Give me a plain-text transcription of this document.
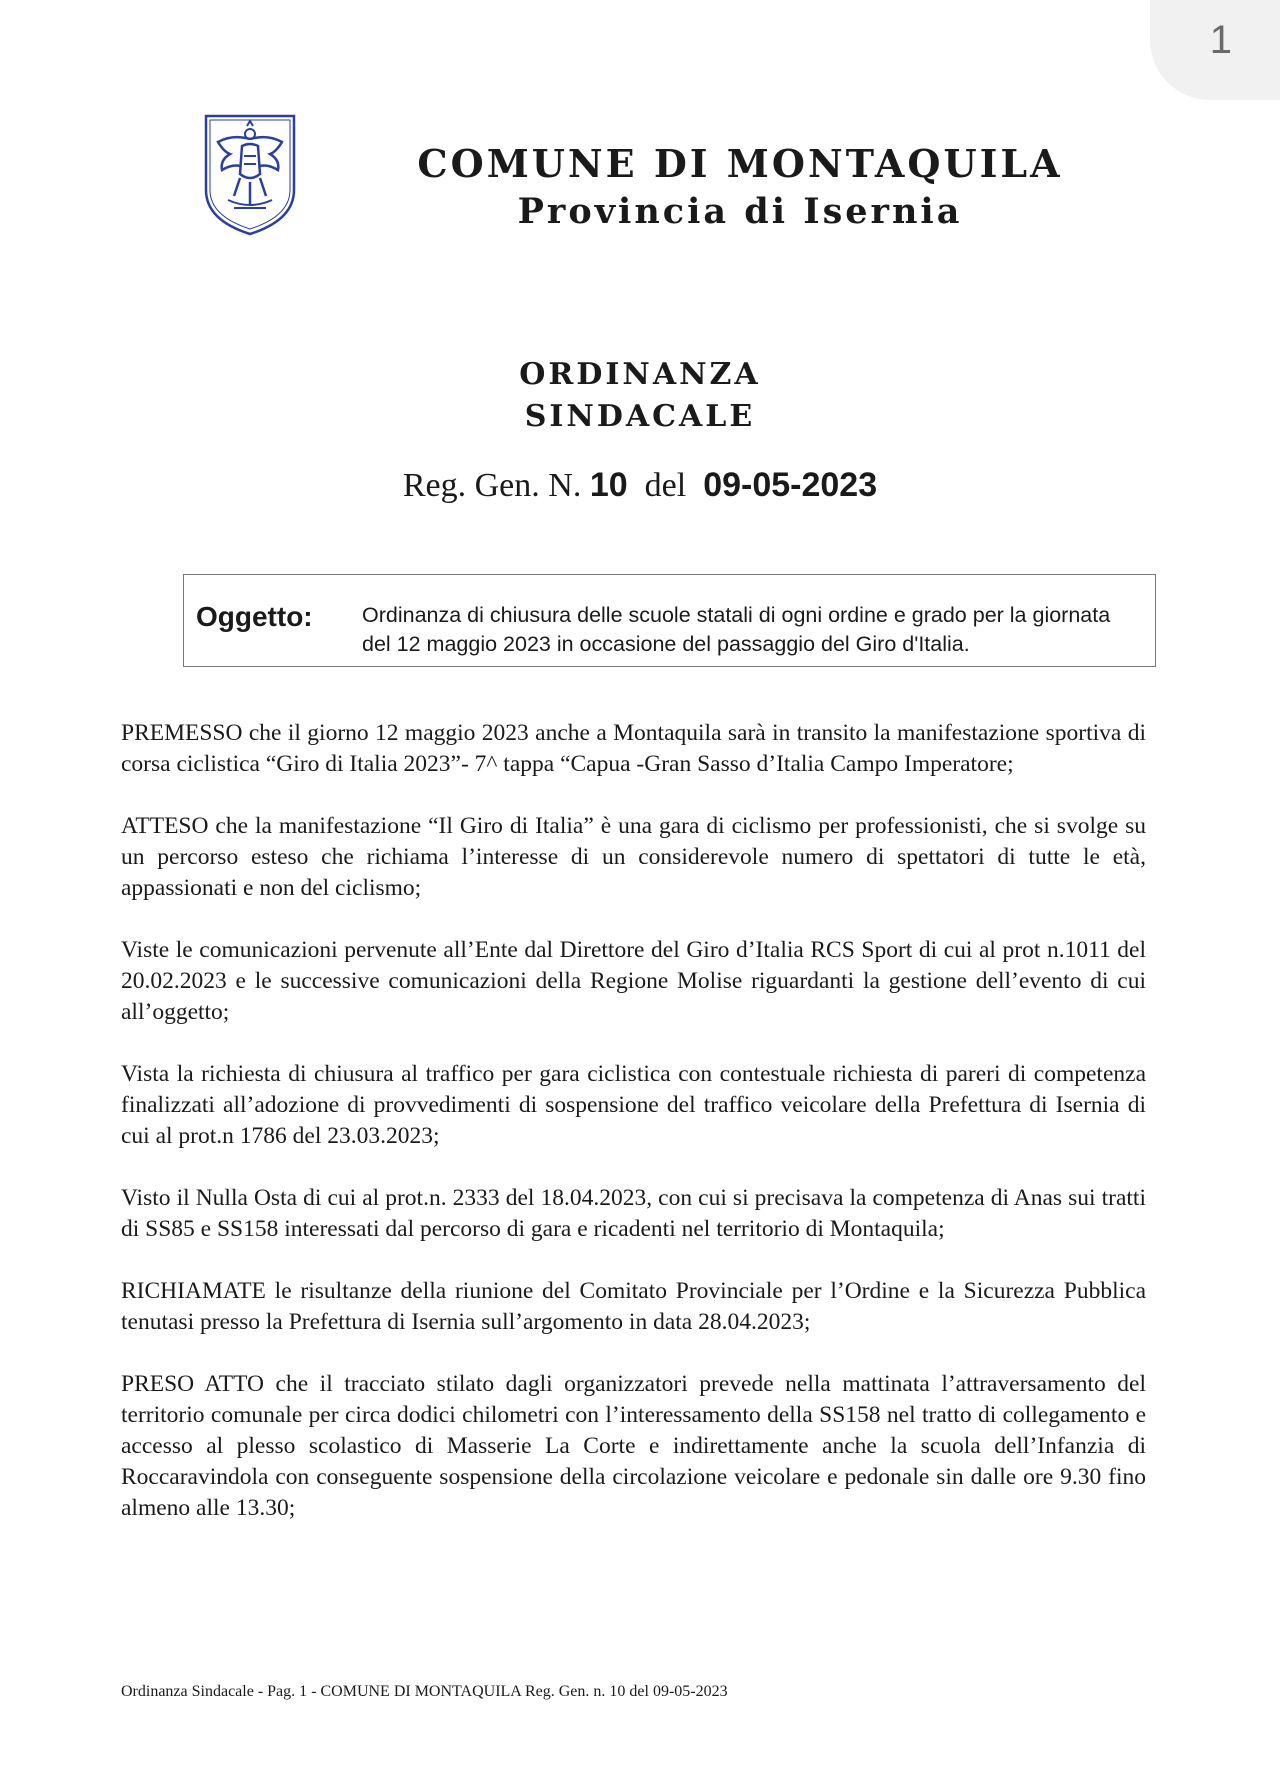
1
COMUNE DI MONTAQUILA
Provincia di Isernia
ORDINANZA
SINDACALE
Reg. Gen. N. 10 del 09-05-2023
Oggetto: Ordinanza di chiusura delle scuole statali di ogni ordine e grado per la giornata del 12 maggio 2023 in occasione del passaggio del Giro d'Italia.

PREMESSO che il giorno 12 maggio 2023 anche a Montaquila sarà in transito la manifestazione sportiva di corsa ciclistica “Giro di Italia 2023”- 7^ tappa “Capua -Gran Sasso d’Italia Campo Imperatore;

ATTESO che la manifestazione “Il Giro di Italia” è una gara di ciclismo per professionisti, che si svolge su un percorso esteso che richiama l’interesse di un considerevole numero di spettatori di tutte le età, appassionati e non del ciclismo;

Viste le comunicazioni pervenute all’Ente dal Direttore del Giro d’Italia RCS Sport di cui al prot n.1011 del 20.02.2023 e le successive comunicazioni della Regione Molise riguardanti la gestione dell’evento di cui all’oggetto;

Vista la richiesta di chiusura al traffico per gara ciclistica con contestuale richiesta di pareri di competenza finalizzati all’adozione di provvedimenti di sospensione del traffico veicolare della Prefettura di Isernia di cui al prot.n 1786 del 23.03.2023;

Visto il Nulla Osta di cui al prot.n. 2333 del 18.04.2023, con cui si precisava la competenza di Anas sui tratti di SS85 e SS158 interessati dal percorso di gara e ricadenti nel territorio di Montaquila;

RICHIAMATE le risultanze della riunione del Comitato Provinciale per l’Ordine e la Sicurezza Pubblica tenutasi presso la Prefettura di Isernia sull’argomento in data 28.04.2023;

PRESO ATTO che il tracciato stilato dagli organizzatori prevede nella mattinata l’attraversamento del territorio comunale per circa dodici chilometri con l’interessamento della SS158 nel tratto di collegamento e accesso al plesso scolastico di Masserie La Corte e indirettamente anche la scuola dell’Infanzia di Roccaravindola con conseguente sospensione della circolazione veicolare e pedonale sin dalle ore 9.30 fino almeno alle 13.30;

Ordinanza Sindacale - Pag. 1 - COMUNE DI MONTAQUILA Reg. Gen. n. 10 del 09-05-2023
